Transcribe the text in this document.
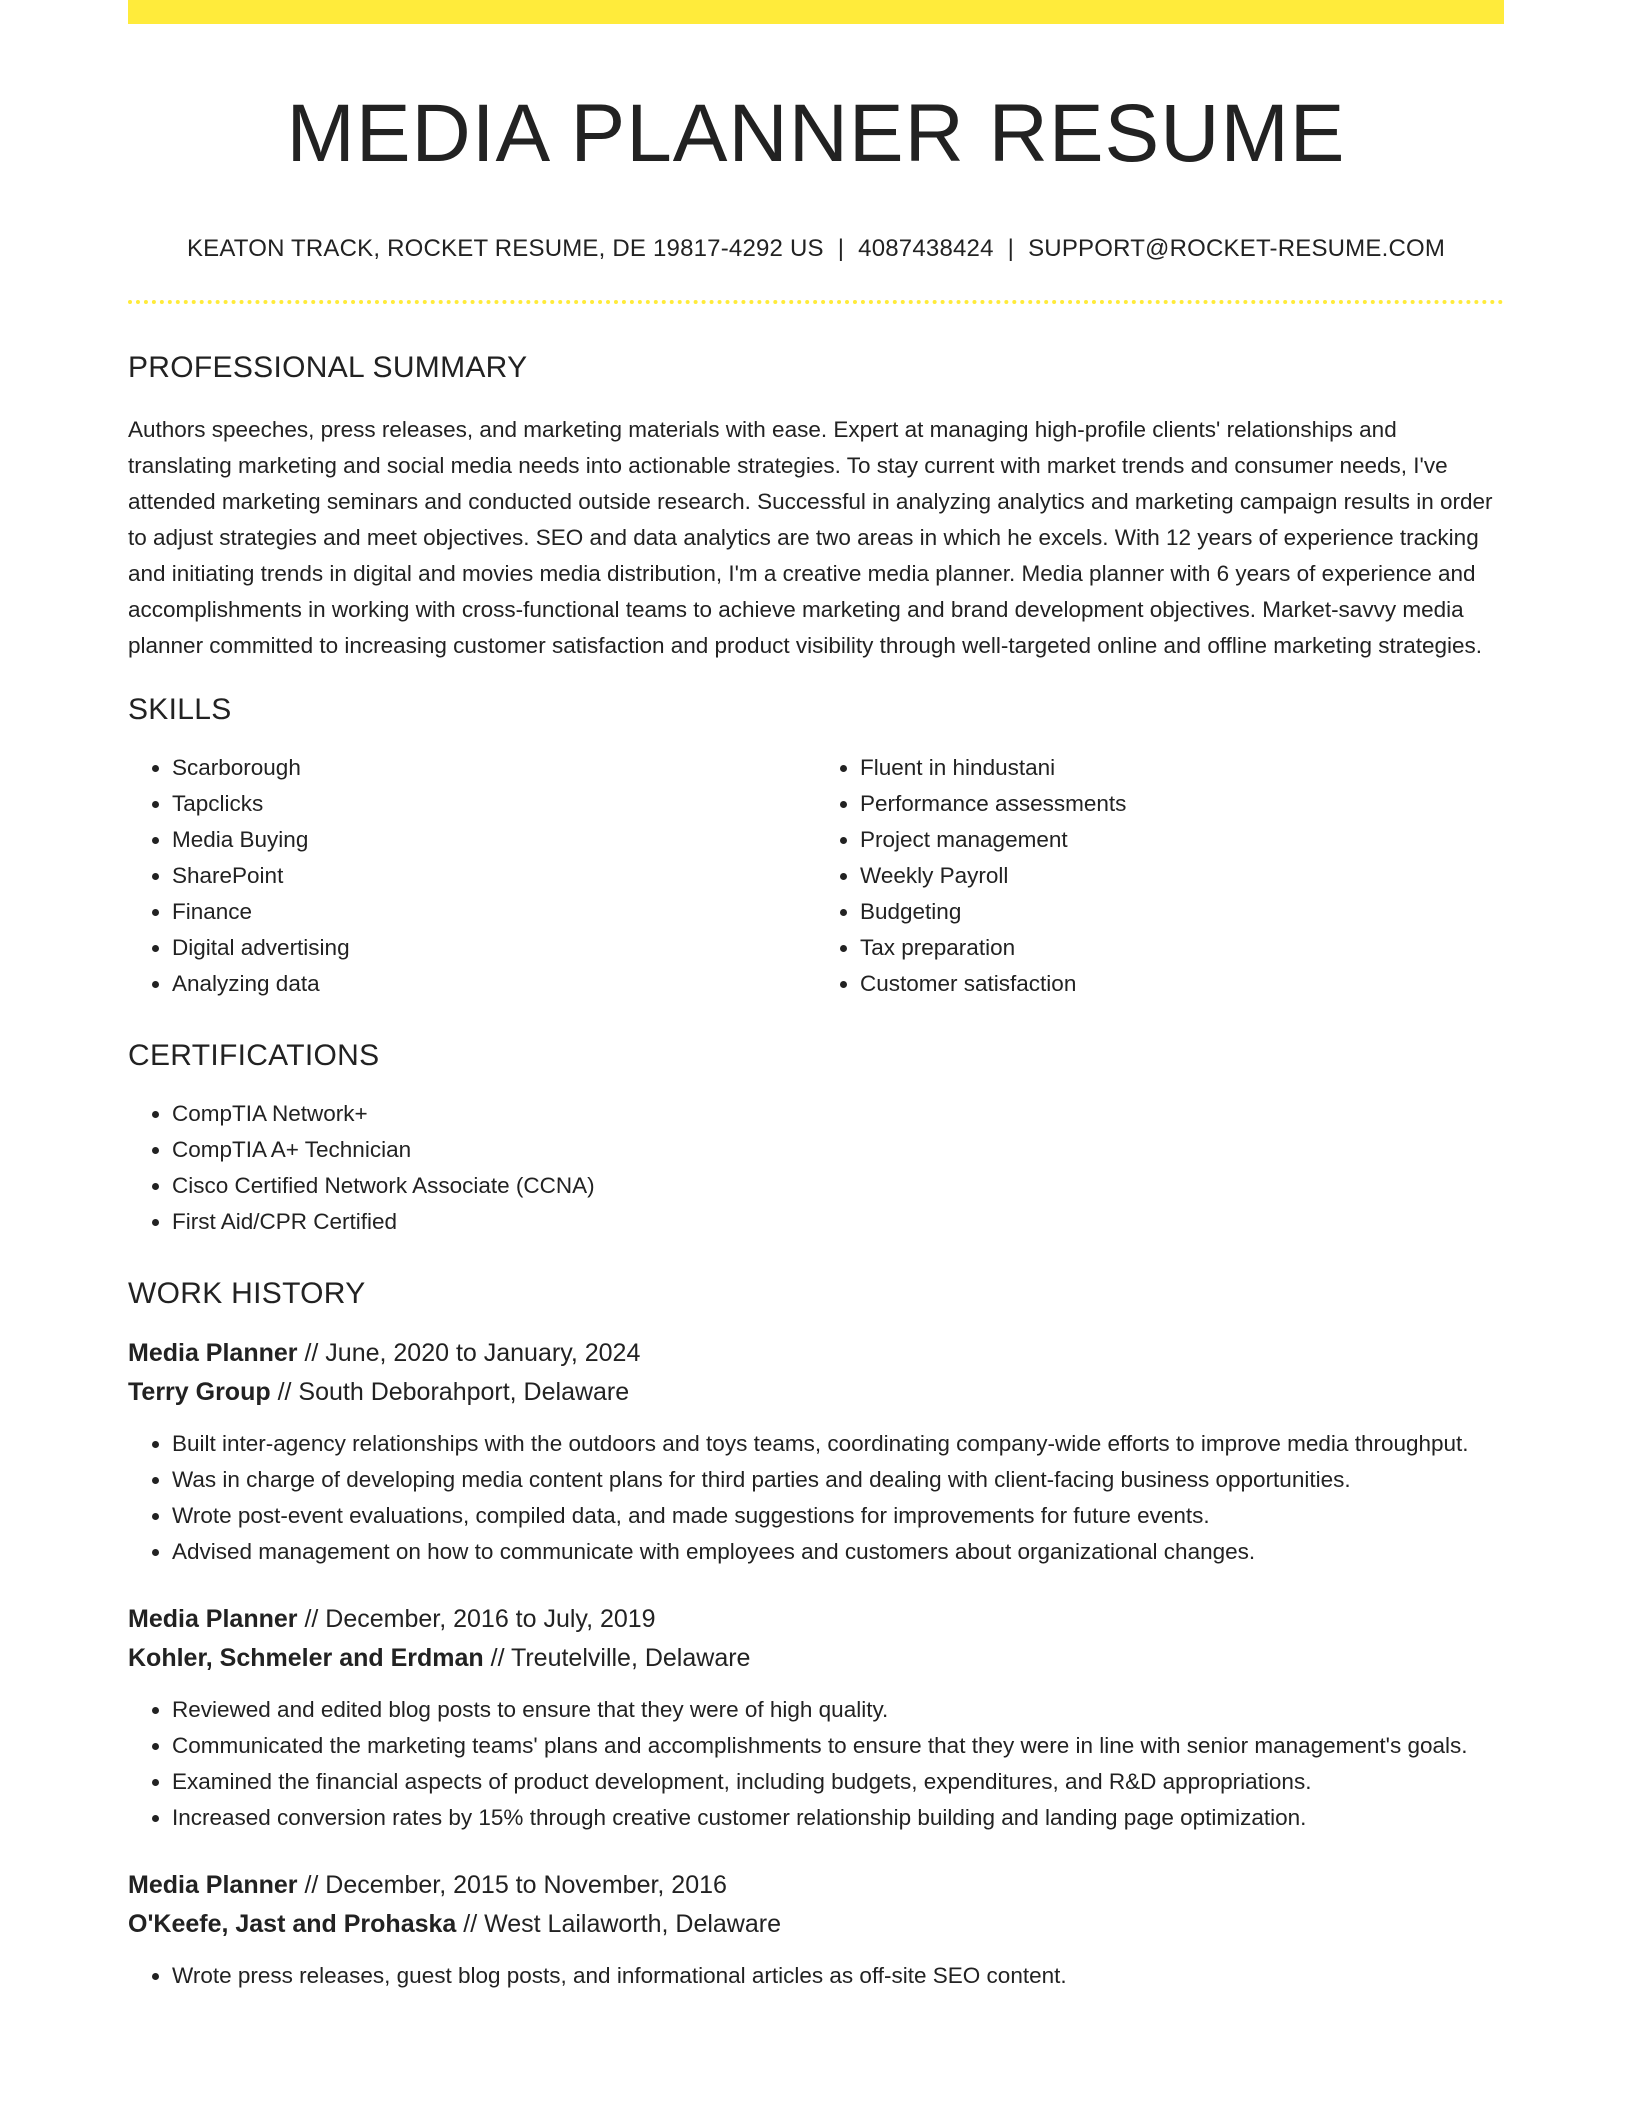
MEDIA PLANNER RESUME
KEATON TRACK, ROCKET RESUME, DE 19817-4292 US | 4087438424 | SUPPORT@ROCKET-RESUME.COM
PROFESSIONAL SUMMARY
Authors speeches, press releases, and marketing materials with ease. Expert at managing high-profile clients' relationships and translating marketing and social media needs into actionable strategies. To stay current with market trends and consumer needs, I've attended marketing seminars and conducted outside research. Successful in analyzing analytics and marketing campaign results in order to adjust strategies and meet objectives. SEO and data analytics are two areas in which he excels. With 12 years of experience tracking and initiating trends in digital and movies media distribution, I'm a creative media planner. Media planner with 6 years of experience and accomplishments in working with cross-functional teams to achieve marketing and brand development objectives. Market-savvy media planner committed to increasing customer satisfaction and product visibility through well-targeted online and offline marketing strategies.
SKILLS
• Scarborough
• Tapclicks
• Media Buying
• SharePoint
• Finance
• Digital advertising
• Analyzing data
• Fluent in hindustani
• Performance assessments
• Project management
• Weekly Payroll
• Budgeting
• Tax preparation
• Customer satisfaction
CERTIFICATIONS
• CompTIA Network+
• CompTIA A+ Technician
• Cisco Certified Network Associate (CCNA)
• First Aid/CPR Certified
WORK HISTORY
Media Planner // June, 2020 to January, 2024
Terry Group // South Deborahport, Delaware
• Built inter-agency relationships with the outdoors and toys teams, coordinating company-wide efforts to improve media throughput.
• Was in charge of developing media content plans for third parties and dealing with client-facing business opportunities.
• Wrote post-event evaluations, compiled data, and made suggestions for improvements for future events.
• Advised management on how to communicate with employees and customers about organizational changes.
Media Planner // December, 2016 to July, 2019
Kohler, Schmeler and Erdman // Treutelville, Delaware
• Reviewed and edited blog posts to ensure that they were of high quality.
• Communicated the marketing teams' plans and accomplishments to ensure that they were in line with senior management's goals.
• Examined the financial aspects of product development, including budgets, expenditures, and R&D appropriations.
• Increased conversion rates by 15% through creative customer relationship building and landing page optimization.
Media Planner // December, 2015 to November, 2016
O'Keefe, Jast and Prohaska // West Lailaworth, Delaware
• Wrote press releases, guest blog posts, and informational articles as off-site SEO content.
